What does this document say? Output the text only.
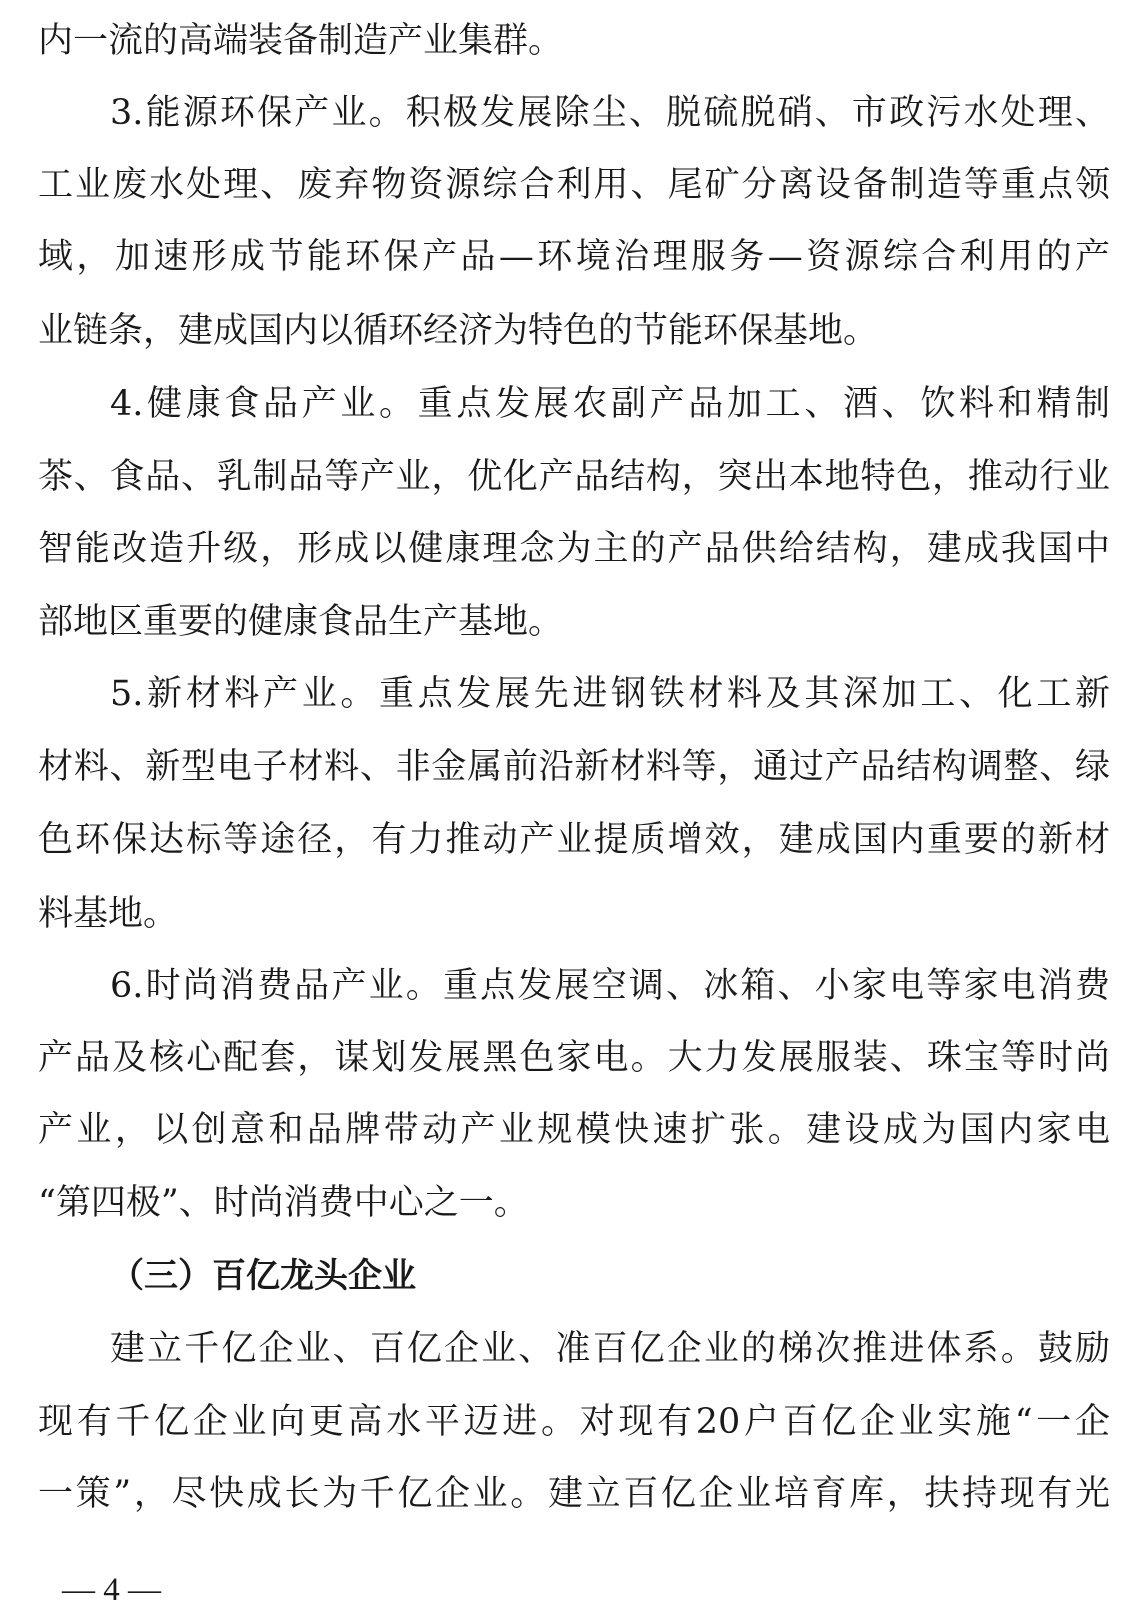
内一流的高端装备制造产业集群。
3.能源环保产业。积极发展除尘、脱硫脱硝、市政污水处理、
工业废水处理、废弃物资源综合利用、尾矿分离设备制造等重点领
域，加速形成节能环保产品—环境治理服务—资源综合利用的产
业链条，建成国内以循环经济为特色的节能环保基地。
4.健康食品产业。重点发展农副产品加工、酒、饮料和精制
茶、食品、乳制品等产业，优化产品结构，突出本地特色，推动行业
智能改造升级，形成以健康理念为主的产品供给结构，建成我国中
部地区重要的健康食品生产基地。
5.新材料产业。重点发展先进钢铁材料及其深加工、化工新
材料、新型电子材料、非金属前沿新材料等，通过产品结构调整、绿
色环保达标等途径，有力推动产业提质增效，建成国内重要的新材
料基地。
6.时尚消费品产业。重点发展空调、冰箱、小家电等家电消费
产品及核心配套，谋划发展黑色家电。大力发展服装、珠宝等时尚
产业，以创意和品牌带动产业规模快速扩张。建设成为国内家电
“第四极”、时尚消费中心之一。
（三）百亿龙头企业
建立千亿企业、百亿企业、准百亿企业的梯次推进体系。鼓励
现有千亿企业向更高水平迈进。对现有20户百亿企业实施“一企
一策”，尽快成长为千亿企业。建立百亿企业培育库，扶持现有光
— 4 —
